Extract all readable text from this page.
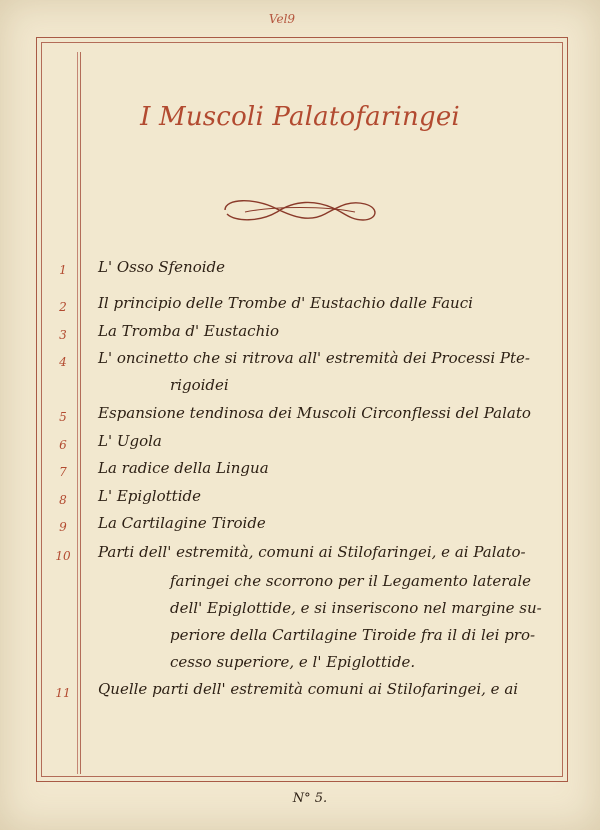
Vel9
I Muscoli Palatofaringei
1	L' Osso Sfenoide
2	Il principio delle Trombe d' Eustachio dalle Fauci
3	La Tromba d' Eustachio
4	L' oncinetto che si ritrova all' estremità dei Processi Pte-
rigoidei
5	Espansione tendinosa dei Muscoli Circonflessi del Palato
6	L' Ugola
7	La radice della Lingua
8	L' Epiglottide
9	La Cartilagine Tiroide
10 Parti dell' estremità, comuni ai Stilofaringei, e ai Palato-
faringei che scorrono per il Legamento laterale
dell' Epiglottide, e si inseriscono nel margine su-
periore della Cartilagine Tiroide fra il di lei pro-
cesso superiore, e l' Epiglottide.
11 Quelle parti dell' estremità comuni ai Stilofaringei, e ai
N° 5.
